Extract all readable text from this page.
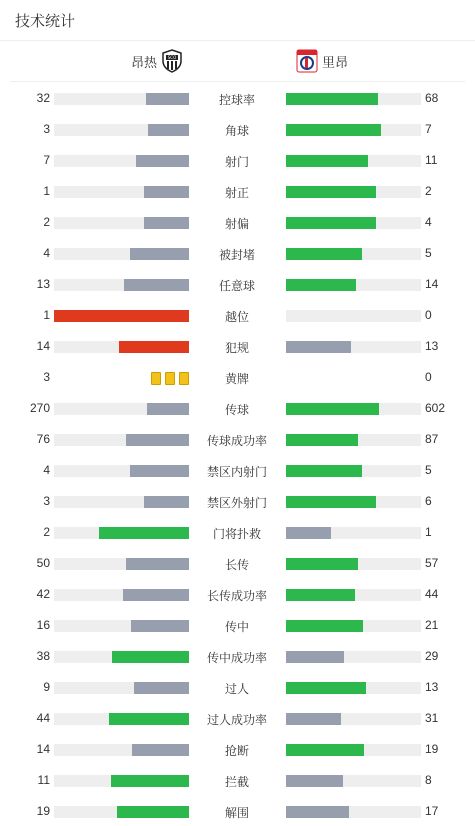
技术统计
昂热	SCO	里昂
32	控球率	68
3	角球	7
7	射门	11
1	射正	2
2	射偏	4
4	被封堵	5
13	任意球	14
1	越位	0
14	犯规	13
3	黄牌	0
270	传球	602
76	传球成功率	87
4	禁区内射门	5
3	禁区外射门	6
2	门将扑救	1
50	长传	57
42	长传成功率	44
16	传中	21
38	传中成功率	29
9	过人	13
44	过人成功率	31
14	抢断	19
11	拦截	8
19	解围	17
